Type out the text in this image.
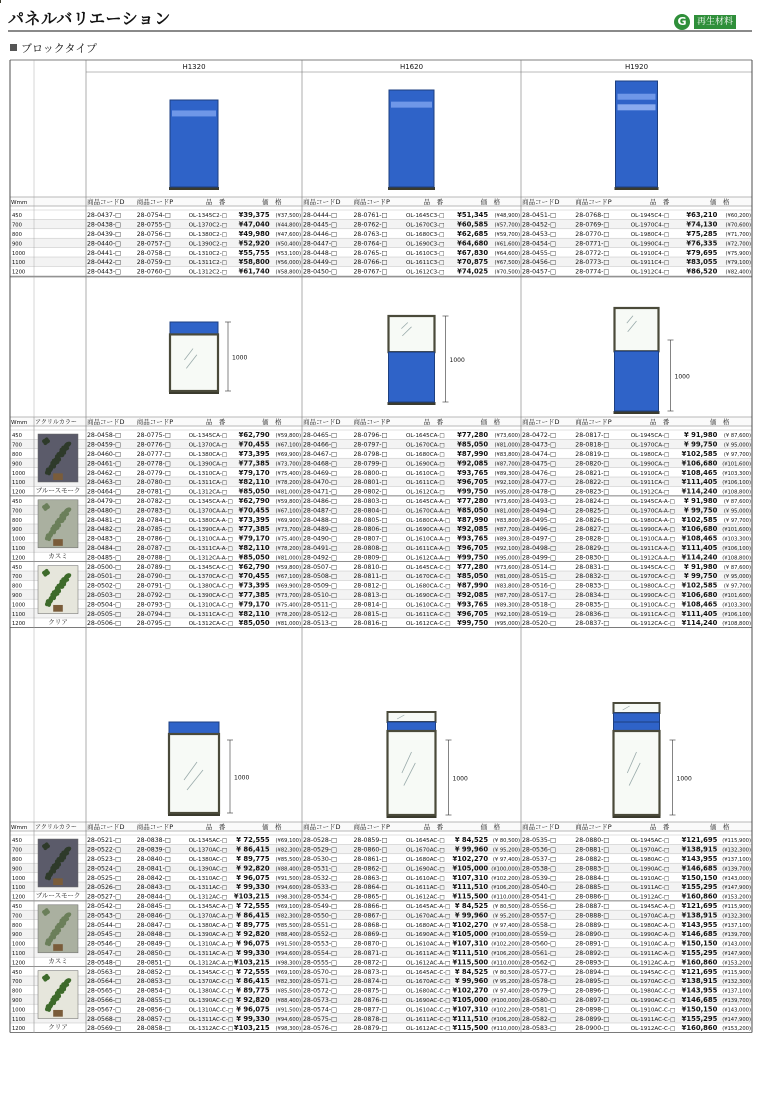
パネルバリエーション
ブロックタイプ
G	再生材料
H1320	H1620	H1920
Wmm	商品コードD 商品コードP	品　番	価　格	商品コードD 商品コードP	品　番	価　格	商品コードD 商品コードP	品　番	価　格
450	28-0437-□	28-0754-□	OL-1345C2-□ ¥39,375 (¥37,500) 28-0444-□	28-0761-□	OL-1645C3-□ ¥51,345 (¥48,900) 28-0451-□	28-0768-□	OL-1945C4-□	¥63,210 (¥60,200)
700	28-0438-□	28-0755-□	OL-1370C2-□ ¥47,040 (¥44,800) 28-0445-□	28-0762-□	OL-1670C3-□ ¥60,585 (¥57,700) 28-0452-□	28-0769-□	OL-1970C4-□	¥74,130 (¥70,600)
800	28-0439-□	28-0756-□	OL-1380C2-□ ¥49,980 (¥47,600) 28-0446-□	28-0763-□	OL-1680C3-□ ¥62,685 (¥59,700) 28-0453-□	28-0770-□	OL-1980C4-□	¥75,285 (¥71,700)
900	28-0440-□	28-0757-□	OL-1390C2-□ ¥52,920 (¥50,400) 28-0447-□	28-0764-□	OL-1690C3-□ ¥64,680 (¥61,600) 28-0454-□	28-0771-□	OL-1990C4-□	¥76,335 (¥72,700)
1000	28-0441-□	28-0758-□	OL-1310C2-□ ¥55,755 (¥53,100) 28-0448-□	28-0765-□	OL-1610C3-□ ¥67,830 (¥64,600) 28-0455-□	28-0772-□	OL-1910C4-□	¥79,695 (¥75,900)
1100	28-0442-□	28-0759-□	OL-1311C2-□ ¥58,800 (¥56,000) 28-0449-□	28-0766-□	OL-1611C3-□ ¥70,875 (¥67,500) 28-0456-□	28-0773-□	OL-1911C4-□	¥83,055 (¥79,100)
1200	28-0443-□	28-0760-□	OL-1312C2-□ ¥61,740 (¥58,800) 28-0450-□	28-0767-□	OL-1612C3-□ ¥74,025 (¥70,500) 28-0457-□	28-0774-□	OL-1912C4-□	¥86,520 (¥82,400)
1000	1000
1000
Wmm アクリルカラー 商品コードD 商品コードP	品　番	価　格	商品コードD 商品コードP	品　番	価　格	商品コードD 商品コードP	品　番	価　格
450	28-0458-□	28-0775-□	OL-1345CA-□ ¥62,790 (¥59,800) 28-0465-□	28-0796-□	OL-1645CA-□ ¥77,280 (¥73,600) 28-0472-□	28-0817-□	OL-1945CA-□ ¥ 91,980 (¥ 87,600)
700	28-0459-□	28-0776-□	OL-1370CA-□ ¥70,455 (¥67,100) 28-0466-□	28-0797-□	OL-1670CA-□ ¥85,050 (¥81,000) 28-0473-□	28-0818-□	OL-1970CA-□ ¥ 99,750 (¥ 95,000)
800	28-0460-□	28-0777-□	OL-1380CA-□ ¥73,395 (¥69,900) 28-0467-□	28-0798-□	OL-1680CA-□ ¥87,990 (¥83,800) 28-0474-□	28-0819-□	OL-1980CA-□ ¥102,585 (¥ 97,700)
900	28-0461-□	28-0778-□	OL-1390CA-□ ¥77,385 (¥73,700) 28-0468-□	28-0799-□	OL-1690CA-□ ¥92,085 (¥87,700) 28-0475-□	28-0820-□	OL-1990CA-□ ¥106,680 (¥101,600)
1000	28-0462-□	28-0779-□	OL-1310CA-□ ¥79,170 (¥75,400) 28-0469-□	28-0800-□	OL-1610CA-□ ¥93,765 (¥89,300) 28-0476-□	28-0821-□	OL-1910CA-□ ¥108,465 (¥103,300)
1100	28-0463-□	28-0780-□	OL-1311CA-□ ¥82,110 (¥78,200) 28-0470-□	28-0801-□	OL-1611CA-□ ¥96,705 (¥92,100) 28-0477-□	28-0822-□	OL-1911CA-□ ¥111,405 (¥106,100)
1200	28-0464-□	28-0781-□	OL-1312CA-□ ¥85,050 (¥81,000) 28-0471-□	28-0802-□	OL-1612CA-□ ¥99,750 (¥95,000) 28-0478-□	28-0823-□	OL-1912CA-□ ¥114,240 (¥108,800)
ブルースモーク
450	28-0479-□	28-0782-□	OL-1345CA-A-□ ¥62,790 (¥59,800) 28-0486-□	28-0803-□	OL-1645CA-A-□ ¥77,280 (¥73,600) 28-0493-□	28-0824-□	OL-1945CA-A-□ ¥ 91,980 (¥ 87,600)
700	28-0480-□	28-0783-□	OL-1370CA-A-□ ¥70,455 (¥67,100) 28-0487-□	28-0804-□	OL-1670CA-A-□ ¥85,050 (¥81,000) 28-0494-□	28-0825-□	OL-1970CA-A-□ ¥ 99,750 (¥ 95,000)
800	28-0481-□	28-0784-□	OL-1380CA-A-□ ¥73,395 (¥69,900) 28-0488-□	28-0805-□	OL-1680CA-A-□ ¥87,990 (¥83,800) 28-0495-□	28-0826-□	OL-1980CA-A-□ ¥102,585 (¥ 97,700)
900	28-0482-□	28-0785-□	OL-1390CA-A-□ ¥77,385 (¥73,700) 28-0489-□	28-0806-□	OL-1690CA-A-□ ¥92,085 (¥87,700) 28-0496-□	28-0827-□	OL-1990CA-A-□ ¥106,680 (¥101,600)
1000	28-0483-□	28-0786-□	OL-1310CA-A-□ ¥79,170 (¥75,400) 28-0490-□	28-0807-□	OL-1610CA-A-□ ¥93,765 (¥89,300) 28-0497-□	28-0828-□	OL-1910CA-A-□ ¥108,465 (¥103,300)
1100	28-0484-□	28-0787-□	OL-1311CA-A-□ ¥82,110 (¥78,200) 28-0491-□	28-0808-□	OL-1611CA-A-□ ¥96,705 (¥92,100) 28-0498-□	28-0829-□	OL-1911CA-A-□ ¥111,405 (¥106,100)
1200	28-0485-□	28-0788-□	OL-1312CA-A-□ ¥85,050 (¥81,000) 28-0492-□	28-0809-□	OL-1612CA-A-□ ¥99,750 (¥95,000) 28-0499-□	28-0830-□	OL-1912CA-A-□ ¥114,240 (¥108,800)
カスミ
450	28-0500-□	28-0789-□	OL-1345CA-C-□ ¥62,790 (¥59,800) 28-0507-□	28-0810-□	OL-1645CA-C-□ ¥77,280 (¥73,600) 28-0514-□	28-0831-□	OL-1945CA-C-□ ¥ 91,980 (¥ 87,600)
700	28-0501-□	28-0790-□	OL-1370CA-C-□ ¥70,455 (¥67,100) 28-0508-□	28-0811-□	OL-1670CA-C-□ ¥85,050 (¥81,000) 28-0515-□	28-0832-□	OL-1970CA-C-□ ¥ 99,750 (¥ 95,000)
800	28-0502-□	28-0791-□	OL-1380CA-C-□ ¥73,395 (¥69,900) 28-0509-□	28-0812-□	OL-1680CA-C-□ ¥87,990 (¥83,800) 28-0516-□	28-0833-□	OL-1980CA-C-□ ¥102,585 (¥ 97,700)
900	28-0503-□	28-0792-□	OL-1390CA-C-□ ¥77,385 (¥73,700) 28-0510-□	28-0813-□	OL-1690CA-C-□ ¥92,085 (¥87,700) 28-0517-□	28-0834-□	OL-1990CA-C-□ ¥106,680 (¥101,600)
1000	28-0504-□	28-0793-□	OL-1310CA-C-□ ¥79,170 (¥75,400) 28-0511-□	28-0814-□	OL-1610CA-C-□ ¥93,765 (¥89,300) 28-0518-□	28-0835-□	OL-1910CA-C-□ ¥108,465 (¥103,300)
1100	28-0505-□	28-0794-□	OL-1311CA-C-□ ¥82,110 (¥78,200) 28-0512-□	28-0815-□	OL-1611CA-C-□ ¥96,705 (¥92,100) 28-0519-□	28-0836-□	OL-1911CA-C-□ ¥111,405 (¥106,100)
1200	28-0506-□	28-0795-□	OL-1312CA-C-□ ¥85,050 (¥81,000) 28-0513-□	28-0816-□	OL-1612CA-C-□ ¥99,750 (¥95,000) 28-0520-□	28-0837-□	OL-1912CA-C-□ ¥114,240 (¥108,800)
クリア
1000	1000	1000
Wmm アクリルカラー 商品コードD 商品コードP	品　番	価　格	商品コードD 商品コードP	品　番	価　格	商品コードD 商品コードP	品　番	価　格
450	28-0521-□	28-0838-□	OL-1345AC-□ ¥ 72,555 (¥69,100) 28-0528-□	28-0859-□	OL-1645AC-□ ¥ 84,525 (¥ 80,500) 28-0535-□	28-0880-□	OL-1945AC-□ ¥121,695 (¥115,900)
700	28-0522-□	28-0839-□	OL-1370AC-□ ¥ 86,415 (¥82,300) 28-0529-□	28-0860-□	OL-1670AC-□ ¥ 99,960 (¥ 95,200) 28-0536-□	28-0881-□	OL-1970AC-□ ¥138,915 (¥132,300)
800	28-0523-□	28-0840-□	OL-1380AC-□ ¥ 89,775 (¥85,500) 28-0530-□	28-0861-□	OL-1680AC-□ ¥102,270 (¥ 97,400) 28-0537-□	28-0882-□	OL-1980AC-□ ¥143,955 (¥137,100)
900	28-0524-□	28-0841-□	OL-1390AC-□ ¥ 92,820 (¥88,400) 28-0531-□	28-0862-□	OL-1690AC-□ ¥105,000 (¥100,000) 28-0538-□	28-0883-□	OL-1990AC-□ ¥146,685 (¥139,700)
1000	28-0525-□	28-0842-□	OL-1310AC-□ ¥ 96,075 (¥91,500) 28-0532-□	28-0863-□	OL-1610AC-□ ¥107,310 (¥102,200) 28-0539-□	28-0884-□	OL-1910AC-□ ¥150,150 (¥143,000)
1100	28-0526-□	28-0843-□	OL-1311AC-□ ¥ 99,330 (¥94,600) 28-0533-□	28-0864-□	OL-1611AC-□ ¥111,510 (¥106,200) 28-0540-□	28-0885-□	OL-1911AC-□ ¥155,295 (¥147,900)
1200	28-0527-□	28-0844-□	OL-1312AC-□ ¥103,215 (¥98,300) 28-0534-□	28-0865-□	OL-1612AC-□ ¥115,500 (¥110,000) 28-0541-□	28-0886-□	OL-1912AC-□ ¥160,860 (¥153,200)
ブルースモーク
450	28-0542-□	28-0845-□	OL-1345AC-A-□ ¥ 72,555 (¥69,100) 28-0549-□	28-0866-□	OL-1645AC-A-□ ¥ 84,525 (¥ 80,500) 28-0556-□	28-0887-□	OL-1945AC-A-□ ¥121,695 (¥115,900)
700	28-0543-□	28-0846-□	OL-1370AC-A-□ ¥ 86,415 (¥82,300) 28-0550-□	28-0867-□	OL-1670AC-A-□ ¥ 99,960 (¥ 95,200) 28-0557-□	28-0888-□	OL-1970AC-A-□ ¥138,915 (¥132,300)
800	28-0544-□	28-0847-□	OL-1380AC-A-□ ¥ 89,775 (¥85,500) 28-0551-□	28-0868-□	OL-1680AC-A-□ ¥102,270 (¥ 97,400) 28-0558-□	28-0889-□	OL-1980AC-A-□ ¥143,955 (¥137,100)
900	28-0545-□	28-0848-□	OL-1390AC-A-□ ¥ 92,820 (¥88,400) 28-0552-□	28-0869-□	OL-1690AC-A-□ ¥105,000 (¥100,000) 28-0559-□	28-0890-□	OL-1990AC-A-□ ¥146,685 (¥139,700)
1000	28-0546-□	28-0849-□	OL-1310AC-A-□ ¥ 96,075 (¥91,500) 28-0553-□	28-0870-□	OL-1610AC-A-□ ¥107,310 (¥102,200) 28-0560-□	28-0891-□	OL-1910AC-A-□ ¥150,150 (¥143,000)
1100	28-0547-□	28-0850-□	OL-1311AC-A-□ ¥ 99,330 (¥94,600) 28-0554-□	28-0871-□	OL-1611AC-A-□ ¥111,510 (¥106,200) 28-0561-□	28-0892-□	OL-1911AC-A-□ ¥155,295 (¥147,900)
1200	28-0548-□	28-0851-□	OL-1312AC-A-□ ¥103,215 (¥98,300) 28-0555-□	28-0872-□	OL-1612AC-A-□ ¥115,500 (¥110,000) 28-0562-□	28-0893-□	OL-1912AC-A-□ ¥160,860 (¥153,200)
カスミ
450	28-0563-□	28-0852-□	OL-1345AC-C-□ ¥ 72,555 (¥69,100) 28-0570-□	28-0873-□	OL-1645AC-C-□ ¥ 84,525 (¥ 80,500) 28-0577-□	28-0894-□	OL-1945AC-C-□ ¥121,695 (¥115,900)
700	28-0564-□	28-0853-□	OL-1370AC-C-□ ¥ 86,415 (¥82,300) 28-0571-□	28-0874-□	OL-1670AC-C-□ ¥ 99,960 (¥ 95,200) 28-0578-□	28-0895-□	OL-1970AC-C-□ ¥138,915 (¥132,300)
800	28-0565-□	28-0854-□	OL-1380AC-C-□ ¥ 89,775 (¥85,500) 28-0572-□	28-0875-□	OL-1680AC-C-□ ¥102,270 (¥ 97,400) 28-0579-□	28-0896-□	OL-1980AC-C-□ ¥143,955 (¥137,100)
900	28-0566-□	28-0855-□	OL-1390AC-C-□ ¥ 92,820 (¥88,400) 28-0573-□	28-0876-□	OL-1690AC-C-□ ¥105,000 (¥100,000) 28-0580-□	28-0897-□	OL-1990AC-C-□ ¥146,685 (¥139,700)
1000	28-0567-□	28-0856-□	OL-1310AC-C-□ ¥ 96,075 (¥91,500) 28-0574-□	28-0877-□	OL-1610AC-C-□ ¥107,310 (¥102,200) 28-0581-□	28-0898-□	OL-1910AC-C-□ ¥150,150 (¥143,000)
1100	28-0568-□	28-0857-□	OL-1311AC-C-□ ¥ 99,330 (¥94,600) 28-0575-□	28-0878-□	OL-1611AC-C-□ ¥111,510 (¥106,200) 28-0582-□	28-0899-□	OL-1911AC-C-□ ¥155,295 (¥147,900)
1200	28-0569-□	28-0858-□	OL-1312AC-C-□ ¥103,215 (¥98,300) 28-0576-□	28-0879-□	OL-1612AC-C-□ ¥115,500 (¥110,000) 28-0583-□	28-0900-□	OL-1912AC-C-□ ¥160,860 (¥153,200)
クリア
